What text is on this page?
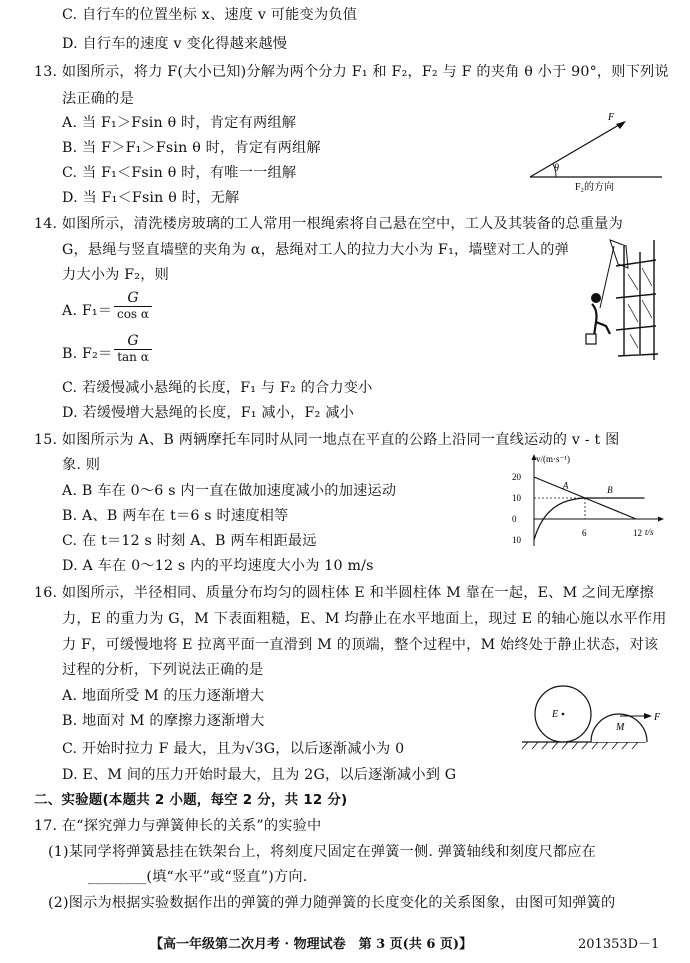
C. 自行车的位置坐标 x、速度 v 可能变为负值
D. 自行车的速度 v 变化得越来越慢
13. 如图所示，将力 F(大小已知)分解为两个分力 F₁ 和 F₂，F₂ 与 F 的夹角 θ 小于 90°，则下列说
法正确的是
A. 当 F₁＞Fsin θ 时，肯定有两组解
B. 当 F＞F₁＞Fsin θ 时，肯定有两组解
C. 当 F₁＜Fsin θ 时，有唯一一组解
D. 当 F₁＜Fsin θ 时，无解
14. 如图所示，清洗楼房玻璃的工人常用一根绳索将自己悬在空中，工人及其装备的总重量为
G，悬绳与竖直墙壁的夹角为 α，悬绳对工人的拉力大小为 F₁，墙壁对工人的弹
力大小为 F₂，则
A. $F_1= \frac{G}{\text{cos α}}$
B. $F_2= \frac{G}{\text{tan α}}$
C. 若缓慢减小悬绳的长度，F₁ 与 F₂ 的合力变小
D. 若缓慢增大悬绳的长度，F₁ 减小，F₂ 减小
15. 如图所示为 A、B 两辆摩托车同时从同一地点在平直的公路上沿同一直线运动的 v - t 图
象. 则
A. B 车在 0～6 s 内一直在做加速度减小的加速运动
B. A、B 两车在 t＝6 s 时速度相等
C. 在 t＝12 s 时刻 A、B 两车相距最远
D. A 车在 0～12 s 内的平均速度大小为 10 m/s
16. 如图所示，半径相同、质量分布均匀的圆柱体 E 和半圆柱体 M 靠在一起，E、M 之间无摩擦
力，E 的重力为 G，M 下表面粗糙，E、M 均静止在水平地面上，现过 E 的轴心施以水平作用
力 F，可缓慢地将 E 拉离平面一直滑到 M 的顶端，整个过程中，M 始终处于静止状态，对该
过程的分析，下列说法正确的是
A. 地面所受 M 的压力逐渐增大
B. 地面对 M 的摩擦力逐渐增大
C. 开始时拉力 F 最大，且为√3G，以后逐渐减小为 0
D. E、M 间的压力开始时最大，且为 2G，以后逐渐减小到 G
二、实验题(本题共 2 小题，每空 2 分，共 12 分)
17. 在“探究弹力与弹簧伸长的关系”的实验中
(1)某同学将弹簧悬挂在铁架台上，将刻度尺固定在弹簧一侧. 弹簧轴线和刻度尺都应在
________(填“水平”或“竖直”)方向.
(2)图示为根据实验数据作出的弹簧的弹力随弹簧的长度变化的关系图象，由图可知弹簧的
【高一年级第二次月考 · 物理试卷　第 3 页(共 6 页)】	201353D－1
F
θ
F₂的方向
v/(m·s⁻¹)
t/s
20
10
0
10
6	12
A	B
E
M
F
